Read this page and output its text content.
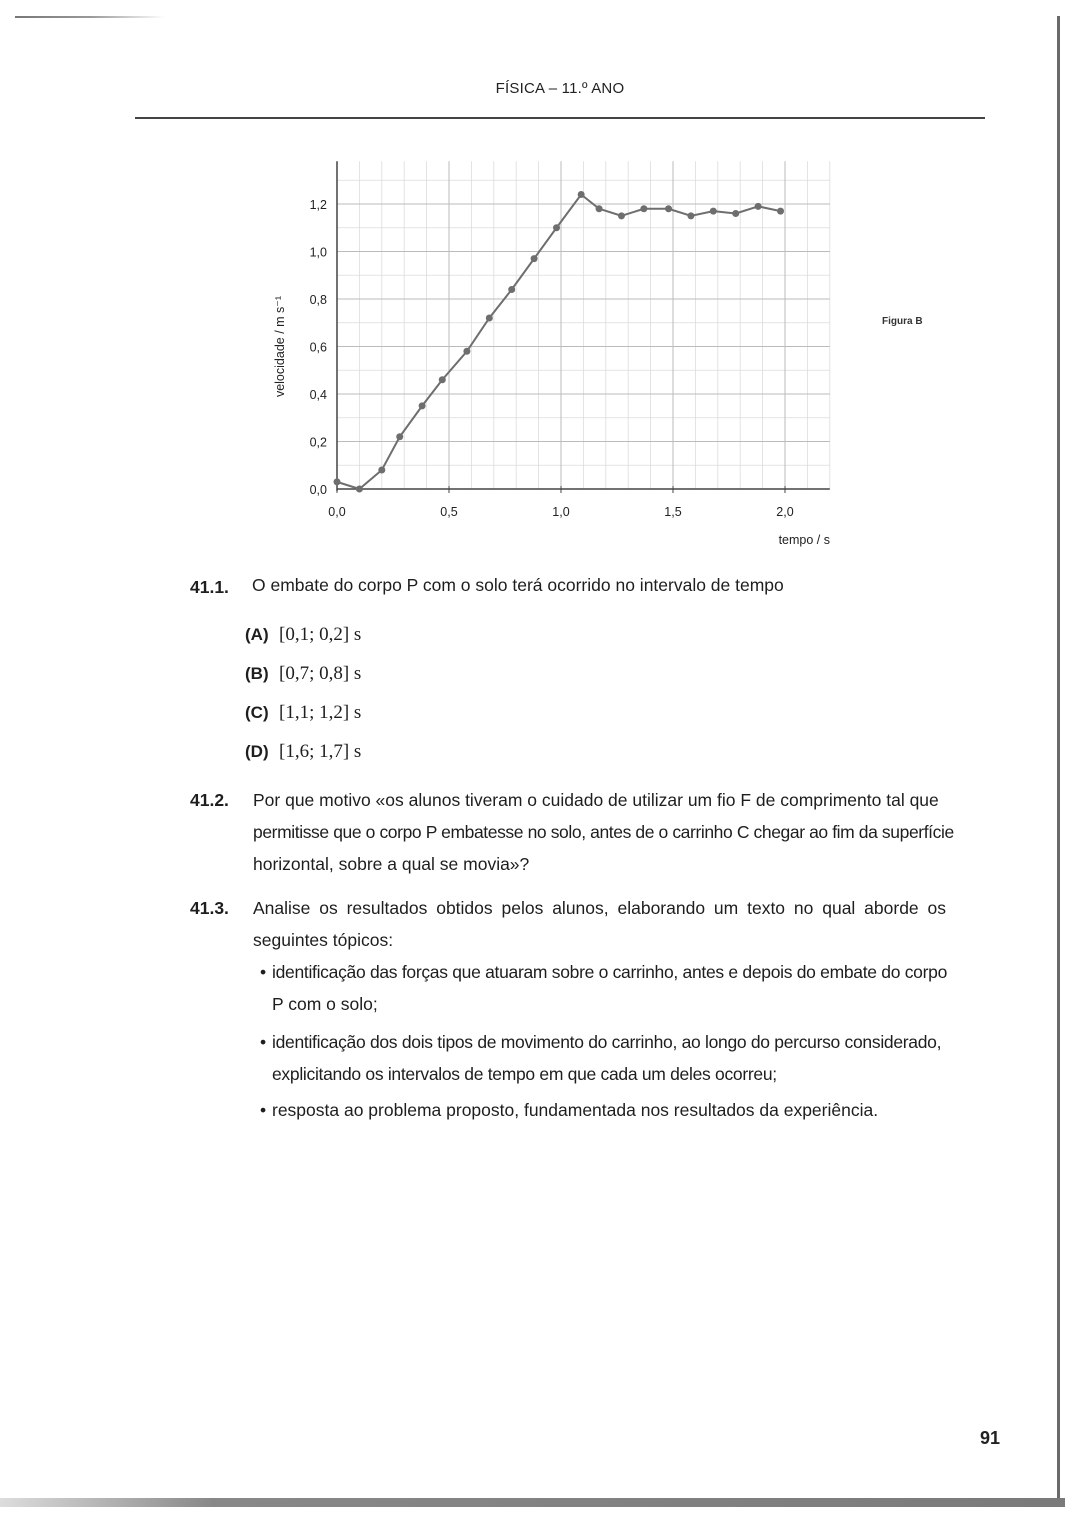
FÍSICA – 11.º ANO
0,0	0,5	1,0	1,5	2,0
0,0
0,2
0,4
0,6
0,8
1,0
1,2
tempo / s
velocidade / m s⁻¹	Figura B
41.1. O embate do corpo P com o solo terá ocorrido no intervalo de tempo
(A) [0,1; 0,2] s
(B) [0,7; 0,8] s
(C) [1,1; 1,2] s
(D) [1,6; 1,7] s
41.2. Por que motivo «os alunos tiveram o cuidado de utilizar um fio F de comprimento tal que
permitisse que o corpo P embatesse no solo, antes de o carrinho C chegar ao fim da superfície
horizontal, sobre a qual se movia»?
41.3. Analise os resultados obtidos pelos alunos, elaborando um texto no qual aborde os
seguintes tópicos:
• identificação das forças que atuaram sobre o carrinho, antes e depois do embate do corpo
P com o solo;
• identificação dos dois tipos de movimento do carrinho, ao longo do percurso considerado,
explicitando os intervalos de tempo em que cada um deles ocorreu;
• resposta ao problema proposto, fundamentada nos resultados da experiência.
91
